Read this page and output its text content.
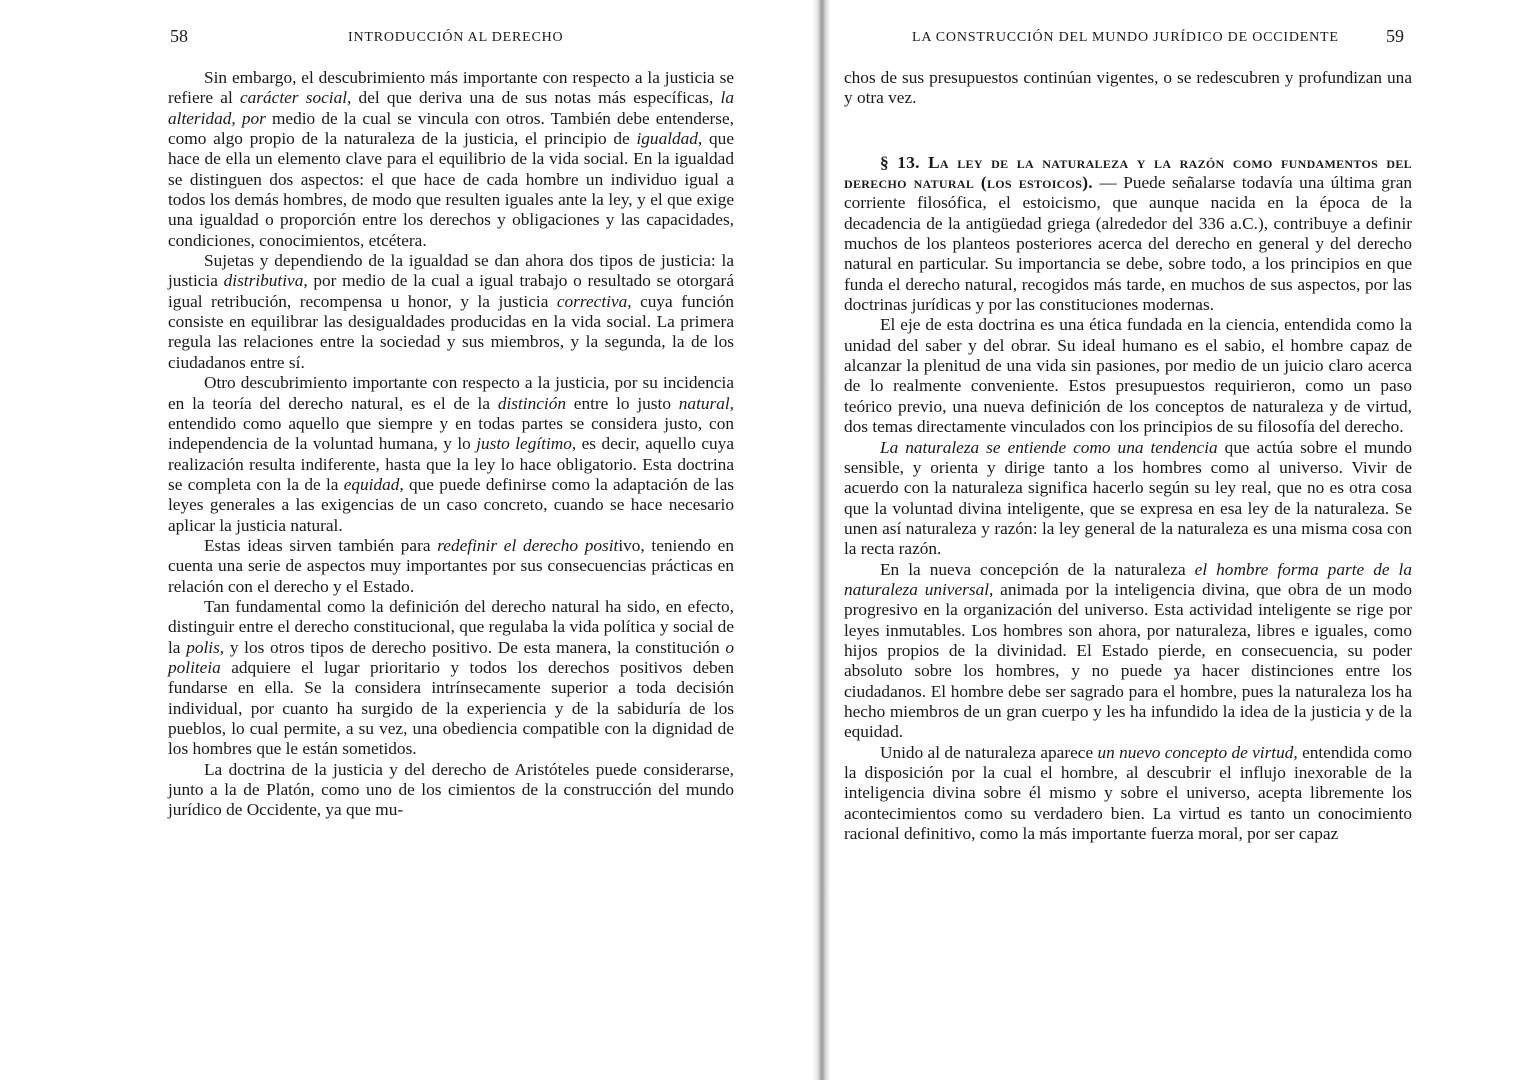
58	INTRODUCCIÓN AL DERECHO

Sin embargo, el descubrimiento más importante con respecto a la justicia se refiere al carácter social, del que deriva una de sus notas más específicas, la alteridad, por medio de la cual se vincula con otros. También debe entenderse, como algo propio de la naturaleza de la justicia, el principio de igualdad, que hace de ella un elemento clave para el equilibrio de la vida social. En la igualdad se distinguen dos aspectos: el que hace de cada hombre un individuo igual a todos los demás hombres, de modo que resulten iguales ante la ley, y el que exige una igualdad o proporción entre los derechos y obligaciones y las capacidades, condiciones, conocimientos, etcétera.

Sujetas y dependiendo de la igualdad se dan ahora dos tipos de justicia: la justicia distributiva, por medio de la cual a igual trabajo o resultado se otorgará igual retribución, recompensa u honor, y la justicia correctiva, cuya función consiste en equilibrar las desigualdades producidas en la vida social. La primera regula las relaciones entre la sociedad y sus miembros, y la segunda, la de los ciudadanos entre sí.

Otro descubrimiento importante con respecto a la justicia, por su incidencia en la teoría del derecho natural, es el de la distinción entre lo justo natural, entendido como aquello que siempre y en todas partes se considera justo, con independencia de la voluntad humana, y lo justo legítimo, es decir, aquello cuya realización resulta indiferente, hasta que la ley lo hace obligatorio. Esta doctrina se completa con la de la equidad, que puede definirse como la adaptación de las leyes generales a las exigencias de un caso concreto, cuando se hace necesario aplicar la justicia natural.

Estas ideas sirven también para redefinir el derecho positivo, teniendo en cuenta una serie de aspectos muy importantes por sus consecuencias prácticas en relación con el derecho y el Estado.

Tan fundamental como la definición del derecho natural ha sido, en efecto, distinguir entre el derecho constitucional, que regulaba la vida política y social de la polis, y los otros tipos de derecho positivo. De esta manera, la constitución o politeia adquiere el lugar prioritario y todos los derechos positivos deben fundarse en ella. Se la considera intrínsecamente superior a toda decisión individual, por cuanto ha surgido de la experiencia y de la sabiduría de los pueblos, lo cual permite, a su vez, una obediencia compatible con la dignidad de los hombres que le están sometidos.

La doctrina de la justicia y del derecho de Aristóteles puede considerarse, junto a la de Platón, como uno de los cimientos de la construcción del mundo jurídico de Occidente, ya que mu-

LA CONSTRUCCIÓN DEL MUNDO JURÍDICO DE OCCIDENTE	59

chos de sus presupuestos continúan vigentes, o se redescubren y profundizan una y otra vez.

§ 13. La ley de la naturaleza y la razón como fundamentos del derecho natural (los estoicos). — Puede señalarse todavía una última gran corriente filosófica, el estoicismo, que aunque nacida en la época de la decadencia de la antigüedad griega (alrededor del 336 a.C.), contribuye a definir muchos de los planteos posteriores acerca del derecho en general y del derecho natural en particular. Su importancia se debe, sobre todo, a los principios en que funda el derecho natural, recogidos más tarde, en muchos de sus aspectos, por las doctrinas jurídicas y por las constituciones modernas.

El eje de esta doctrina es una ética fundada en la ciencia, entendida como la unidad del saber y del obrar. Su ideal humano es el sabio, el hombre capaz de alcanzar la plenitud de una vida sin pasiones, por medio de un juicio claro acerca de lo realmente conveniente. Estos presupuestos requirieron, como un paso teórico previo, una nueva definición de los conceptos de naturaleza y de virtud, dos temas directamente vinculados con los principios de su filosofía del derecho.

La naturaleza se entiende como una tendencia que actúa sobre el mundo sensible, y orienta y dirige tanto a los hombres como al universo. Vivir de acuerdo con la naturaleza significa hacerlo según su ley real, que no es otra cosa que la voluntad divina inteligente, que se expresa en esa ley de la naturaleza. Se unen así naturaleza y razón: la ley general de la naturaleza es una misma cosa con la recta razón.

En la nueva concepción de la naturaleza el hombre forma parte de la naturaleza universal, animada por la inteligencia divina, que obra de un modo progresivo en la organización del universo. Esta actividad inteligente se rige por leyes inmutables. Los hombres son ahora, por naturaleza, libres e iguales, como hijos propios de la divinidad. El Estado pierde, en consecuencia, su poder absoluto sobre los hombres, y no puede ya hacer distinciones entre los ciudadanos. El hombre debe ser sagrado para el hombre, pues la naturaleza los ha hecho miembros de un gran cuerpo y les ha infundido la idea de la justicia y de la equidad.

Unido al de naturaleza aparece un nuevo concepto de virtud, entendida como la disposición por la cual el hombre, al descubrir el influjo inexorable de la inteligencia divina sobre él mismo y sobre el universo, acepta libremente los acontecimientos como su verdadero bien. La virtud es tanto un conocimiento racional definitivo, como la más importante fuerza moral, por ser capaz
